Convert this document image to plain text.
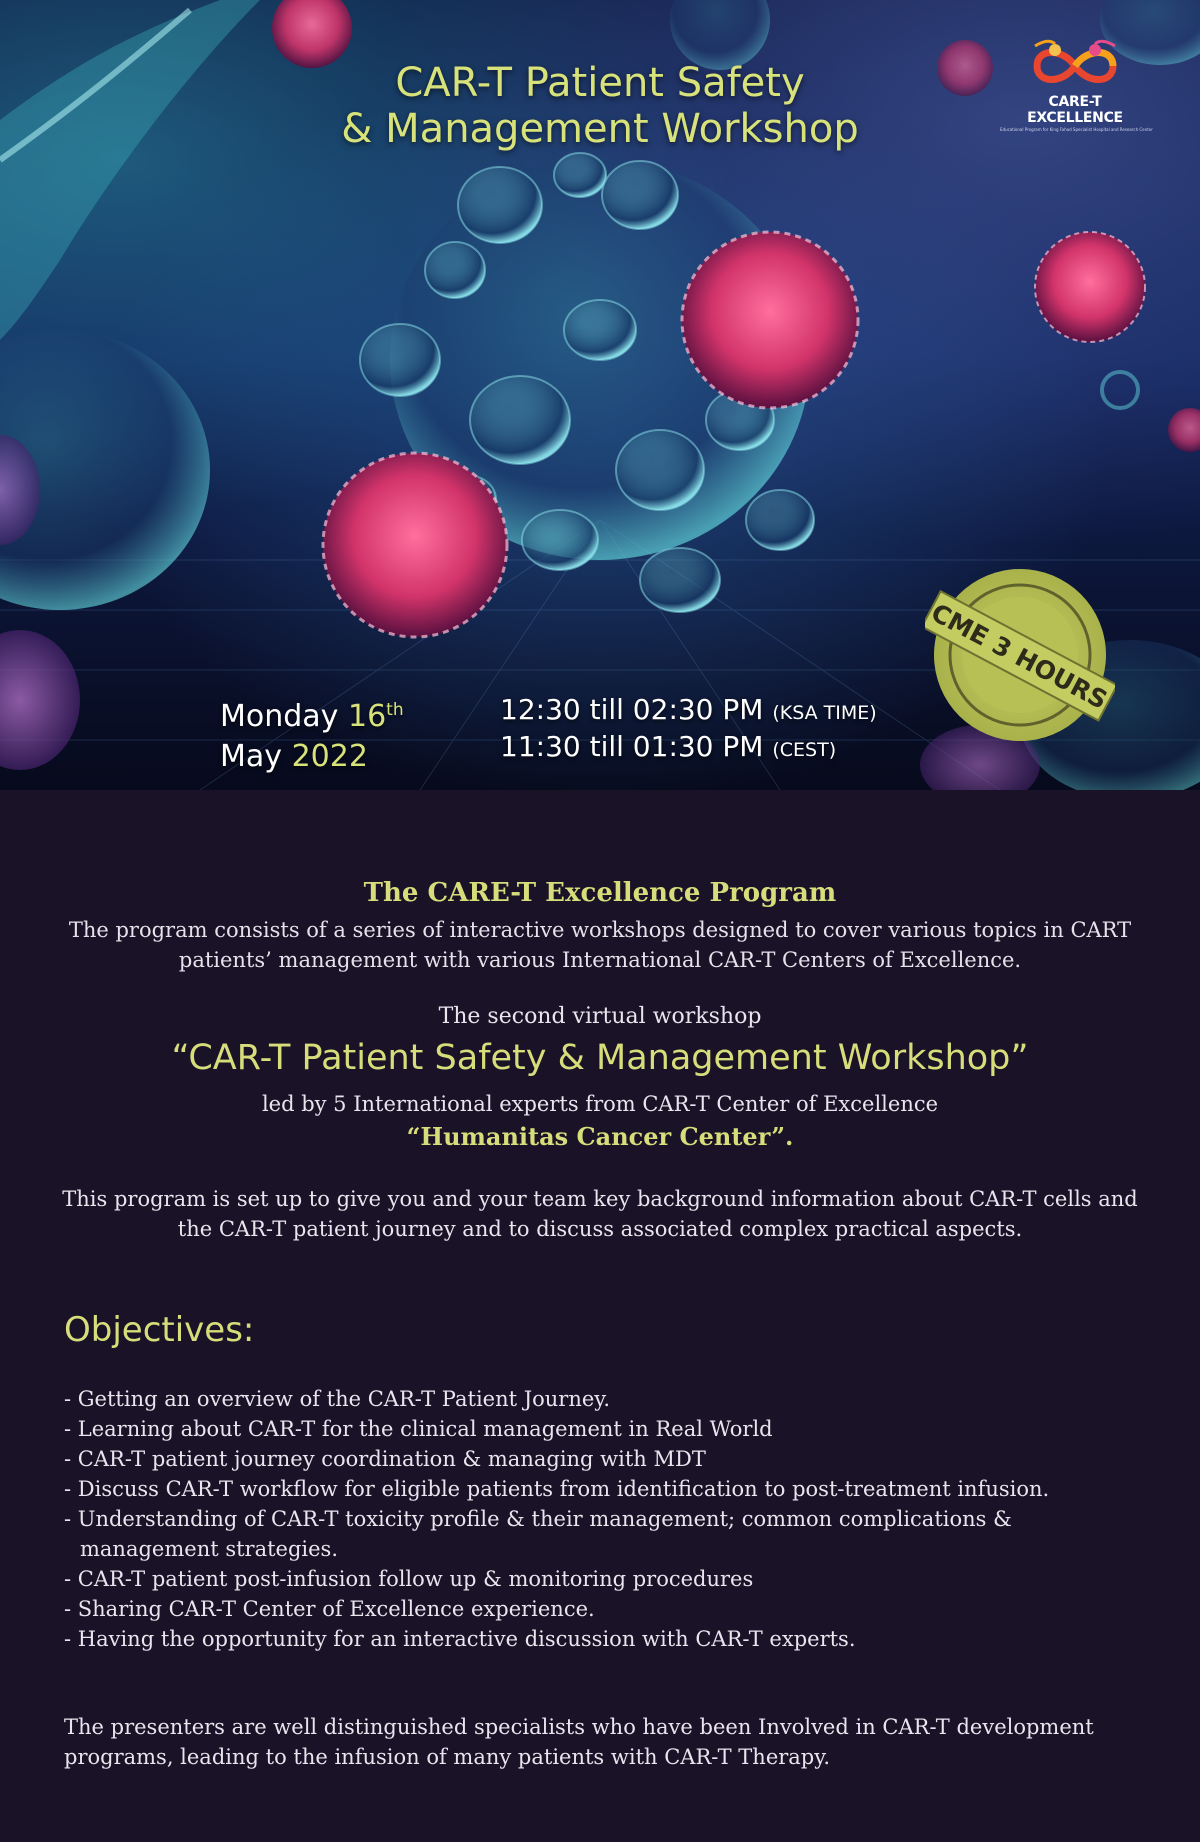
CAR-T Patient Safety
& Management Workshop
CARE-T EXCELLENCE
Educational Program for King Fahad Specialist Hospital and Research Center
CME 3 HOURS
Monday 16th
May 2022
12:30 till 02:30 PM (KSA TIME)
11:30 till 01:30 PM (CEST)
The CARE-T Excellence Program
The program consists of a series of interactive workshops designed to cover various topics in CART patients’ management with various International CAR-T Centers of Excellence.
The second virtual workshop
“CAR-T Patient Safety & Management Workshop”
led by 5 International experts from CAR-T Center of Excellence
“Humanitas Cancer Center”.
This program is set up to give you and your team key background information about CAR-T cells and the CAR-T patient journey and to discuss associated complex practical aspects.
Objectives:
- Getting an overview of the CAR-T Patient Journey.
- Learning about CAR-T for the clinical management in Real World
- CAR-T patient journey coordination & managing with MDT
- Discuss CAR-T workflow for eligible patients from identification to post-treatment infusion.
- Understanding of CAR-T toxicity profile & their management; common complications & management strategies.
- CAR-T patient post-infusion follow up & monitoring procedures
- Sharing CAR-T Center of Excellence experience.
- Having the opportunity for an interactive discussion with CAR-T experts.
The presenters are well distinguished specialists who have been Involved in CAR-T development programs, leading to the infusion of many patients with CAR-T Therapy.
